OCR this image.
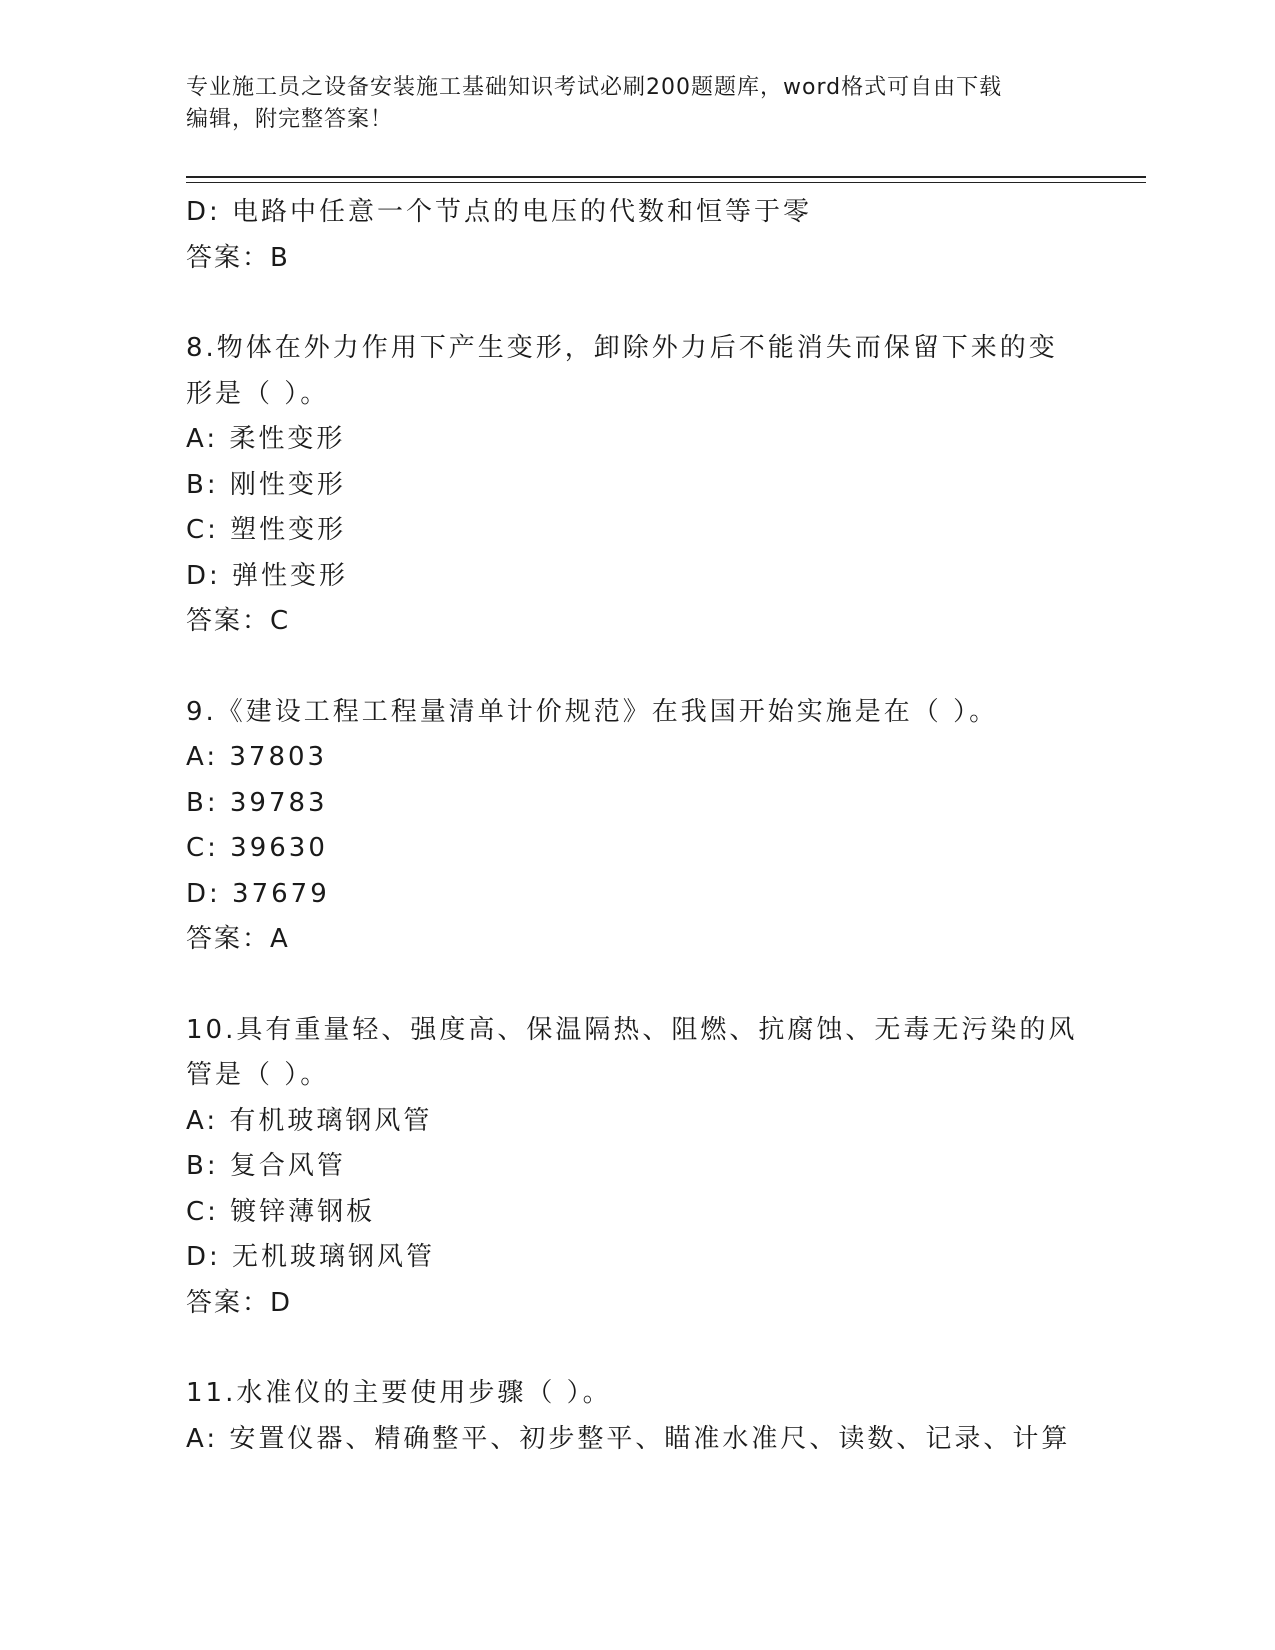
专业施工员之设备安装施工基础知识考试必刷200题题库，word格式可自由下载
编辑，附完整答案！
D: 电路中任意一个节点的电压的代数和恒等于零
答案：B
8.物体在外力作用下产生变形，卸除外力后不能消失而保留下来的变
形是（ ）。
A: 柔性变形
B: 刚性变形
C: 塑性变形
D: 弹性变形
答案：C
9.《建设工程工程量清单计价规范》在我国开始实施是在（ ）。
A: 37803
B: 39783
C: 39630
D: 37679
答案：A
10.具有重量轻、强度高、保温隔热、阻燃、抗腐蚀、无毒无污染的风
管是（ ）。
A: 有机玻璃钢风管
B: 复合风管
C: 镀锌薄钢板
D: 无机玻璃钢风管
答案：D
11.水准仪的主要使用步骤（ ）。
A: 安置仪器、精确整平、初步整平、瞄准水准尺、读数、记录、计算
